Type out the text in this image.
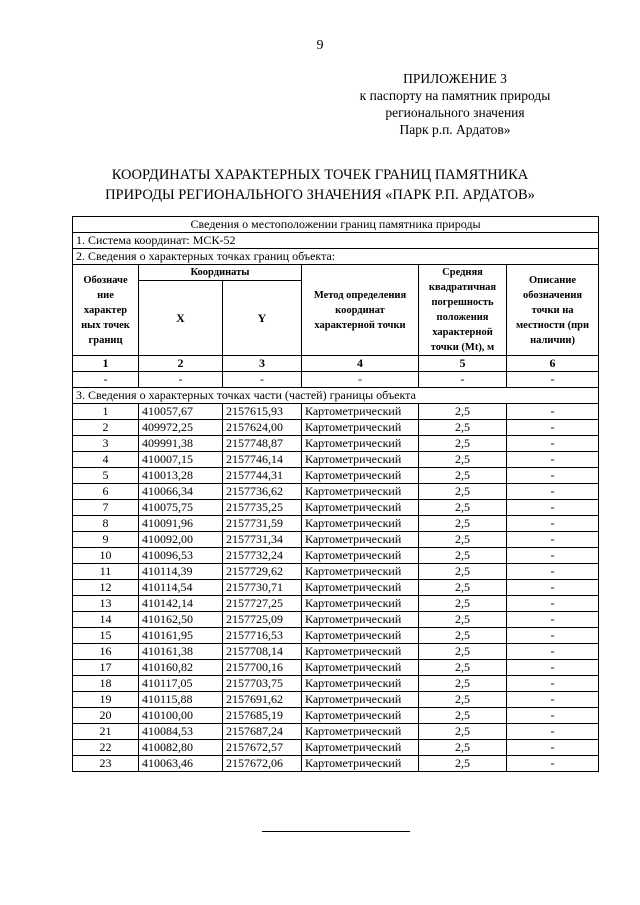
9
ПРИЛОЖЕНИЕ 3
к паспорту на памятник природы
регионального значения
Парк р.п. Ардатов»
КООРДИНАТЫ ХАРАКТЕРНЫХ ТОЧЕК ГРАНИЦ ПАМЯТНИКА
ПРИРОДЫ РЕГИОНАЛЬНОГО ЗНАЧЕНИЯ «ПАРК Р.П. АРДАТОВ»
Сведения о местоположении границ памятника природы					
1. Система координат: МСК-52					
2. Сведения о характерных точках границ объекта:					
Обозначе ние характер ных точек границ	Координаты		Метод определения координат характерной точки	Средняя квадратичная погрешность положения характерной точки (Mt), м	Описание обозначения точки на местности (при наличии)
	X	Y			
1	2	3	4	5	6
-	-	-	-	-	-
3. Сведения о характерных точках части (частей) границы объекта					
1	410057,67	2157615,93	Картометрический	2,5	-
2	409972,25	2157624,00	Картометрический	2,5	-
3	409991,38	2157748,87	Картометрический	2,5	-
4	410007,15	2157746,14	Картометрический	2,5	-
5	410013,28	2157744,31	Картометрический	2,5	-
6	410066,34	2157736,62	Картометрический	2,5	-
7	410075,75	2157735,25	Картометрический	2,5	-
8	410091,96	2157731,59	Картометрический	2,5	-
9	410092,00	2157731,34	Картометрический	2,5	-
10	410096,53	2157732,24	Картометрический	2,5	-
11	410114,39	2157729,62	Картометрический	2,5	-
12	410114,54	2157730,71	Картометрический	2,5	-
13	410142,14	2157727,25	Картометрический	2,5	-
14	410162,50	2157725,09	Картометрический	2,5	-
15	410161,95	2157716,53	Картометрический	2,5	-
16	410161,38	2157708,14	Картометрический	2,5	-
17	410160,82	2157700,16	Картометрический	2,5	-
18	410117,05	2157703,75	Картометрический	2,5	-
19	410115,88	2157691,62	Картометрический	2,5	-
20	410100,00	2157685,19	Картометрический	2,5	-
21	410084,53	2157687,24	Картометрический	2,5	-
22	410082,80	2157672,57	Картометрический	2,5	-
23	410063,46	2157672,06	Картометрический	2,5	-
